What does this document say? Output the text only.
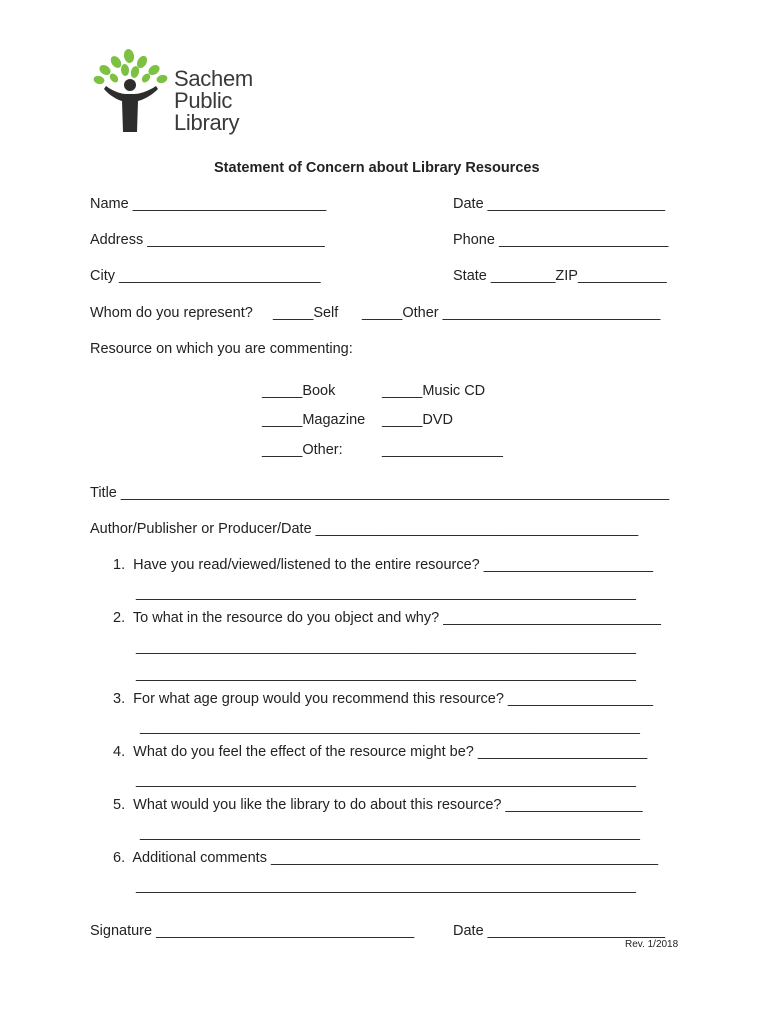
Sachem
Public
Library
Statement of Concern about Library Resources
Name ________________________	Date ______________________
Address ______________________	Phone _____________________
City _________________________	State ________ZIP___________
Whom do you represent? _____Self _____Other ___________________________
Resource on which you are commenting:
_____Book	_____Music CD
_____Magazine _____DVD
_____Other:	_______________
Title ____________________________________________________________________
Author/Publisher or Producer/Date ________________________________________
1.  Have you read/viewed/listened to the entire resource? _____________________
______________________________________________________________
2.  To what in the resource do you object and why? ___________________________
______________________________________________________________
______________________________________________________________
3.  For what age group would you recommend this resource? __________________
______________________________________________________________
4.  What do you feel the effect of the resource might be? _____________________
______________________________________________________________
5.  What would you like the library to do about this resource? _________________
______________________________________________________________
6.  Additional comments ________________________________________________
______________________________________________________________
Signature ________________________________	Date ______________________
Rev. 1/2018
